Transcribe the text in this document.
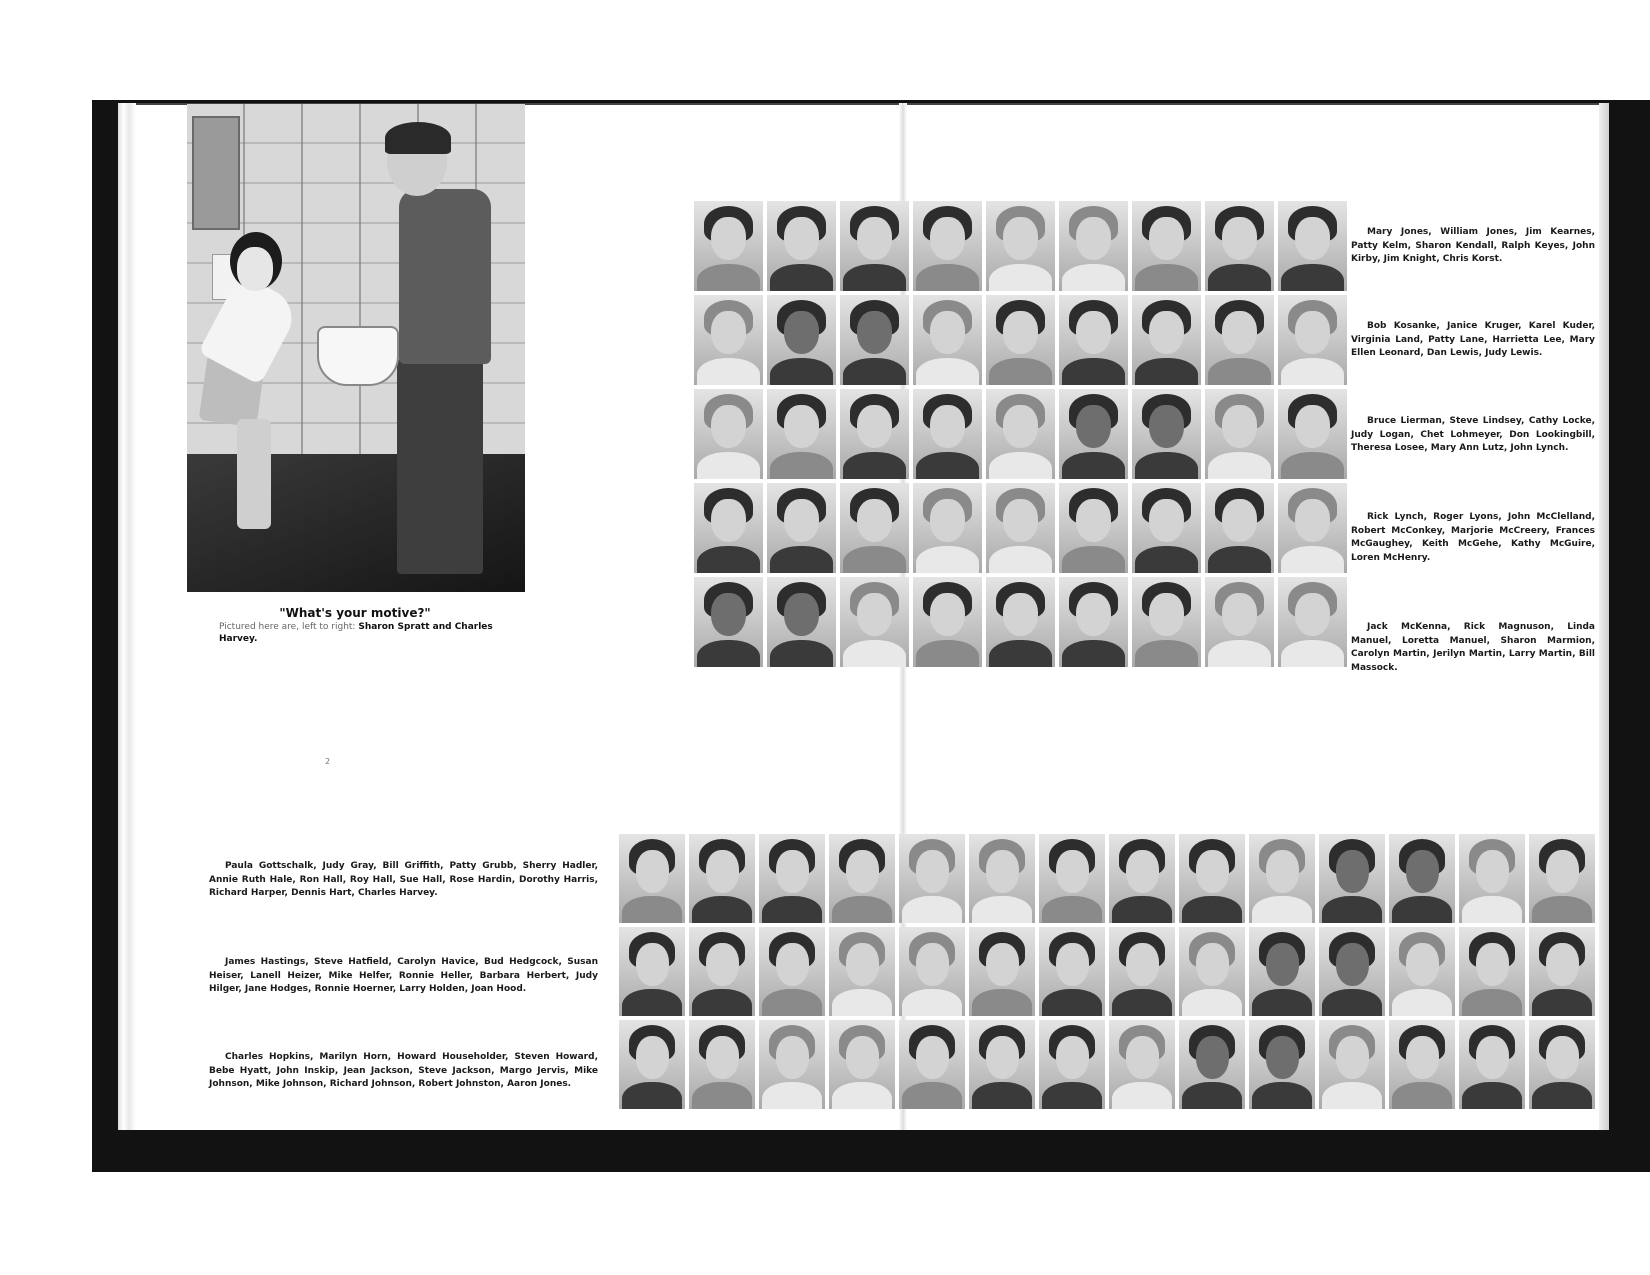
"What's your motive?"
Pictured here are, left to right: Sharon Spratt and Charles Harvey.
2
Mary Jones, William Jones, Jim Kearnes, Patty Kelm, Sharon Kendall, Ralph Keyes, John Kirby, Jim Knight, Chris Korst.
Bob Kosanke, Janice Kruger, Karel Kuder, Virginia Land, Patty Lane, Harrietta Lee, Mary Ellen Leonard, Dan Lewis, Judy Lewis.
Bruce Lierman, Steve Lindsey, Cathy Locke, Judy Logan, Chet Lohmeyer, Don Lookingbill, Theresa Losee, Mary Ann Lutz, John Lynch.
Rick Lynch, Roger Lyons, John McClelland, Robert McConkey, Marjorie McCreery, Frances McGaughey, Keith McGehe, Kathy McGuire, Loren McHenry.
Jack McKenna, Rick Magnuson, Linda Manuel, Loretta Manuel, Sharon Marmion, Carolyn Martin, Jerilyn Martin, Larry Martin, Bill Massock.
Paula Gottschalk, Judy Gray, Bill Griffith, Patty Grubb, Sherry Hadler, Annie Ruth Hale, Ron Hall, Roy Hall, Sue Hall, Rose Hardin, Dorothy Harris, Richard Harper, Dennis Hart, Charles Harvey.
James Hastings, Steve Hatfield, Carolyn Havice, Bud Hedgcock, Susan Heiser, Lanell Heizer, Mike Helfer, Ronnie Heller, Barbara Herbert, Judy Hilger, Jane Hodges, Ronnie Hoerner, Larry Holden, Joan Hood.
Charles Hopkins, Marilyn Horn, Howard Householder, Steven Howard, Bebe Hyatt, John Inskip, Jean Jackson, Steve Jackson, Margo Jervis, Mike Johnson, Mike Johnson, Richard Johnson, Robert Johnston, Aaron Jones.
